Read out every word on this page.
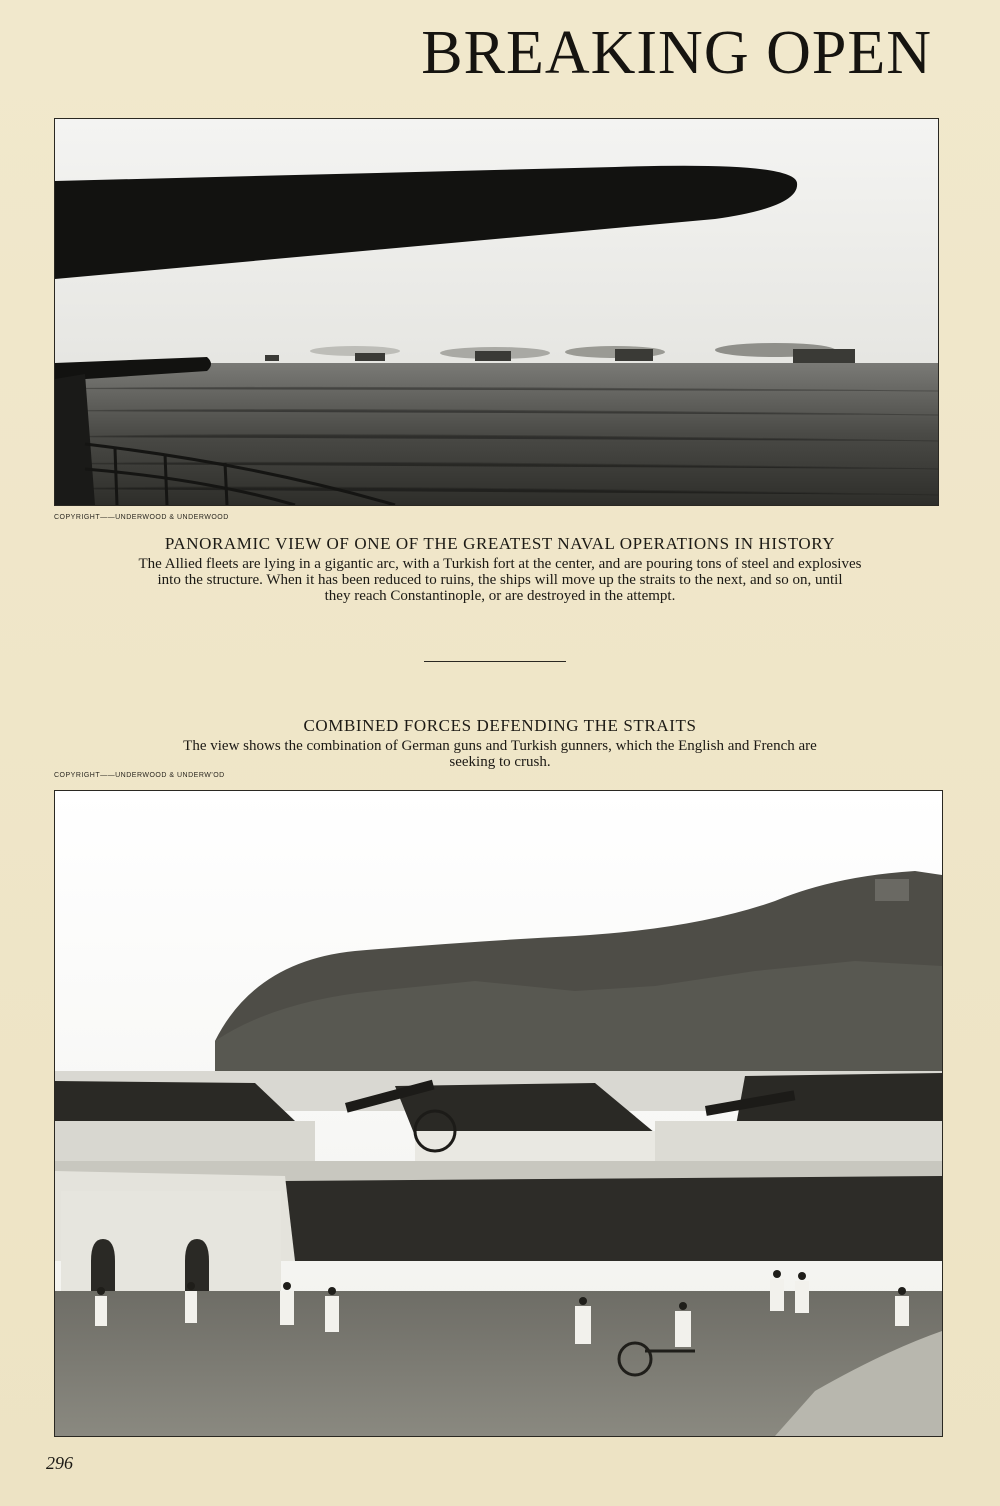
BREAKING OPEN
COPYRIGHT——UNDERWOOD & UNDERWOOD
PANORAMIC VIEW OF ONE OF THE GREATEST NAVAL OPERATIONS IN HISTORY
The Allied fleets are lying in a gigantic arc, with a Turkish fort at the center, and are pouring tons of steel and explosives
into the structure. When it has been reduced to ruins, the ships will move up the straits to the next, and so on, until
they reach Constantinople, or are destroyed in the attempt.
COMBINED FORCES DEFENDING THE STRAITS
The view shows the combination of German guns and Turkish gunners, which the English and French are
seeking to crush.
COPYRIGHT——UNDERWOOD & UNDERW'OD
296
